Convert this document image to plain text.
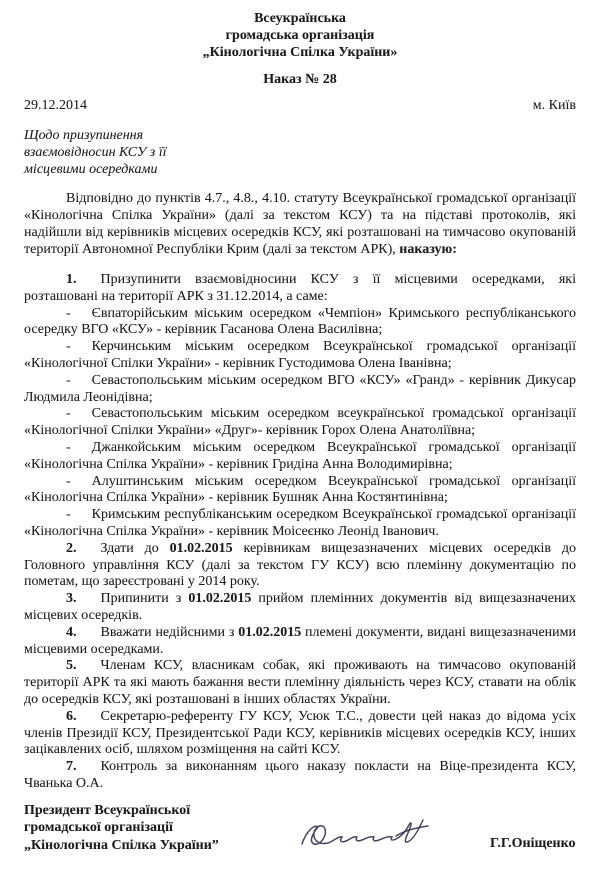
Всеукраїнська
громадська організація
„Кінологічна Спілка України»
Наказ № 28
29.12.2014	м. Київ
Щодо призупинення
взаємовідносин КСУ з її
місцевими осередками

Відповідно до пунктів 4.7., 4.8., 4.10. статуту Всеукраїнської громадської організації «Кінологічна Спілка України» (далі за текстом КСУ) та на підставі протоколів, які надійшли від керівників місцевих осередків КСУ, які розташовані на тимчасово окупованій території Автономної Республіки Крим (далі за текстом АРК), наказую:

1. Призупинити взаємовідносини КСУ з її місцевими осередками, які розташовані на території АРК з 31.12.2014, а саме:

- Євпаторійським міським осередком «Чемпіон» Кримського республіканського осередку ВГО «КСУ» - керівник Гасанова Олена Василівна;

- Керчинським міським осередком Всеукраїнської громадської організації «Кінологічної Спілки України» - керівник Густодимова Олена Іванівна;

- Севастопольським міським осередком ВГО «КСУ» «Гранд» - керівник Дикусар Людмила Леонідівна;

- Севастопольським міським осередком всеукраїнської громадської організації «Кінологічної Спілки України» «Друг»- керівник Горох Олена Анатоліївна;

- Джанкойським міським осередком Всеукраїнської громадської організації «Кінологічна Спілка України» - керівник Гридіна Анна Володимирівна;

- Алуштинським міським осередком Всеукраїнської громадської організації «Кінологічна Спілка України» - керівник Бушняк Анна Костянтинівна;

- Кримським республіканським осередком Всеукраїнської громадської організації «Кінологічна Спілка України» - керівник Моісеєнко Леонід Іванович.

2. Здати до 01.02.2015 керівникам вищезазначених місцевих осередків до Головного управління КСУ (далі за текстом ГУ КСУ) всю племінну документацію по пометам, що зареєстровані у 2014 року.

3. Припинити з 01.02.2015 прийом племінних документів від вищезазначених місцевих осередків.

4. Вважати недійсними з 01.02.2015 племені документи, видані вищезазначеними місцевими осередками.

5. Членам КСУ, власникам собак, які проживають на тимчасово окупованій території АРК та які мають бажання вести племінну діяльність через КСУ, ставати на облік до осередків КСУ, які розташовані в інших областях України.

6. Секретарю-референту ГУ КСУ, Усюк Т.С., довести цей наказ до відома усіх членів Президії КСУ, Президентської Ради КСУ, керівників місцевих осередків КСУ, інших зацікавлених осіб, шляхом розміщення на сайті КСУ.

7. Контроль за виконанням цього наказу покласти на Віце-президента КСУ, Чванька О.А.

Президент Всеукраїнської
громадської організації
„Кінологічна Спілка України”	Г.Г.Оніщенко
